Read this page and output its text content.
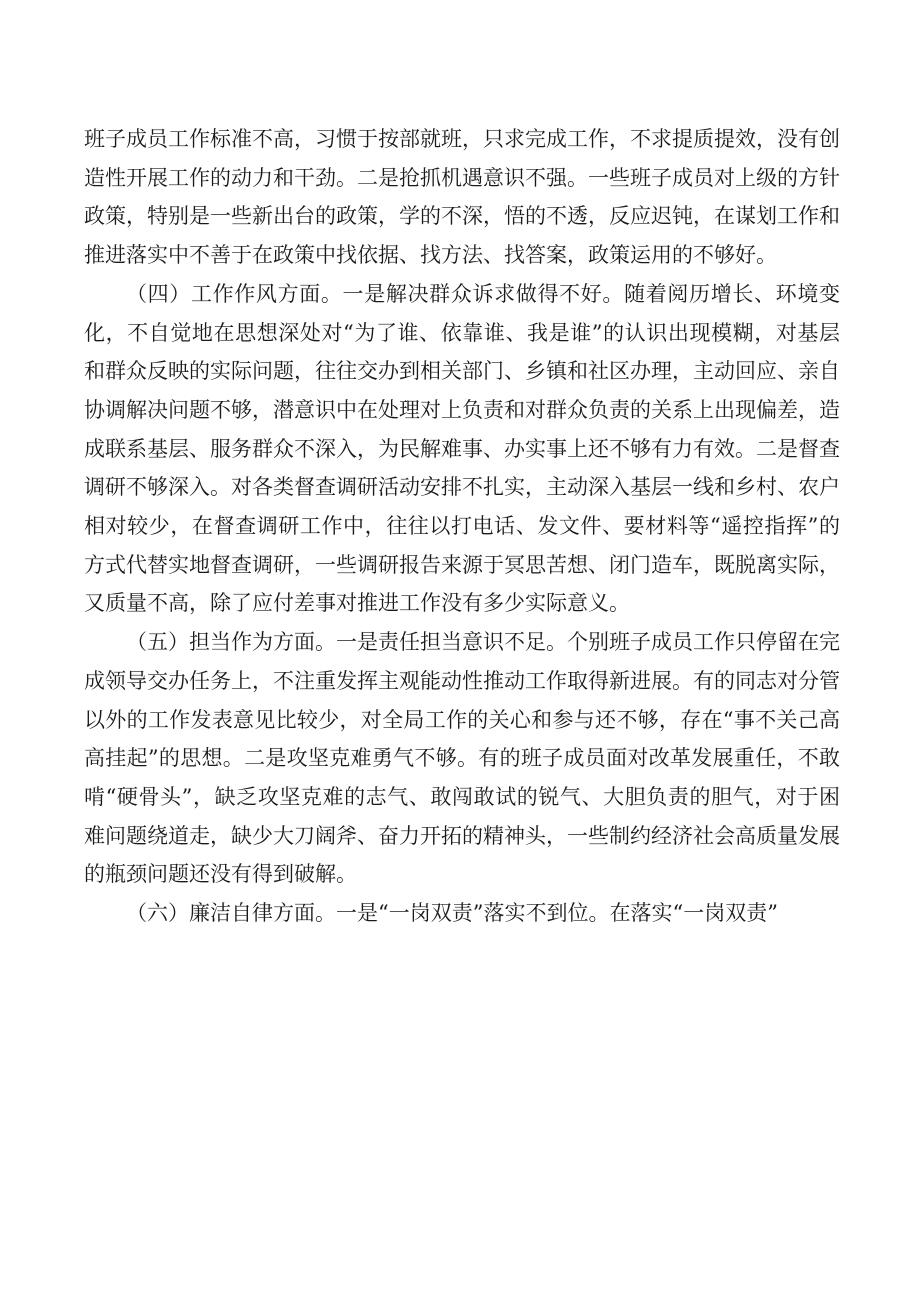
班子成员工作标准不高，习惯于按部就班，只求完成工作，不求提质提效，没有创造性开展工作的动力和干劲。二是抢抓机遇意识不强。一些班子成员对上级的方针政策，特别是一些新出台的政策，学的不深，悟的不透，反应迟钝，在谋划工作和推进落实中不善于在政策中找依据、找方法、找答案，政策运用的不够好。

（四）工作作风方面。一是解决群众诉求做得不好。随着阅历增长、环境变化，不自觉地在思想深处对“为了谁、依靠谁、我是谁”的认识出现模糊，对基层和群众反映的实际问题，往往交办到相关部门、乡镇和社区办理，主动回应、亲自协调解决问题不够，潜意识中在处理对上负责和对群众负责的关系上出现偏差，造成联系基层、服务群众不深入，为民解难事、办实事上还不够有力有效。二是督查调研不够深入。对各类督查调研活动安排不扎实，主动深入基层一线和乡村、农户相对较少，在督查调研工作中，往往以打电话、发文件、要材料等“遥控指挥”的方式代替实地督查调研，一些调研报告来源于冥思苦想、闭门造车，既脱离实际，又质量不高，除了应付差事对推进工作没有多少实际意义。

（五）担当作为方面。一是责任担当意识不足。个别班子成员工作只停留在完成领导交办任务上，不注重发挥主观能动性推动工作取得新进展。有的同志对分管以外的工作发表意见比较少，对全局工作的关心和参与还不够，存在“事不关己高高挂起”的思想。二是攻坚克难勇气不够。有的班子成员面对改革发展重任，不敢啃“硬骨头”，缺乏攻坚克难的志气、敢闯敢试的锐气、大胆负责的胆气，对于困难问题绕道走，缺少大刀阔斧、奋力开拓的精神头，一些制约经济社会高质量发展的瓶颈问题还没有得到破解。

（六）廉洁自律方面。一是“一岗双责”落实不到位。在落实“一岗双责”
